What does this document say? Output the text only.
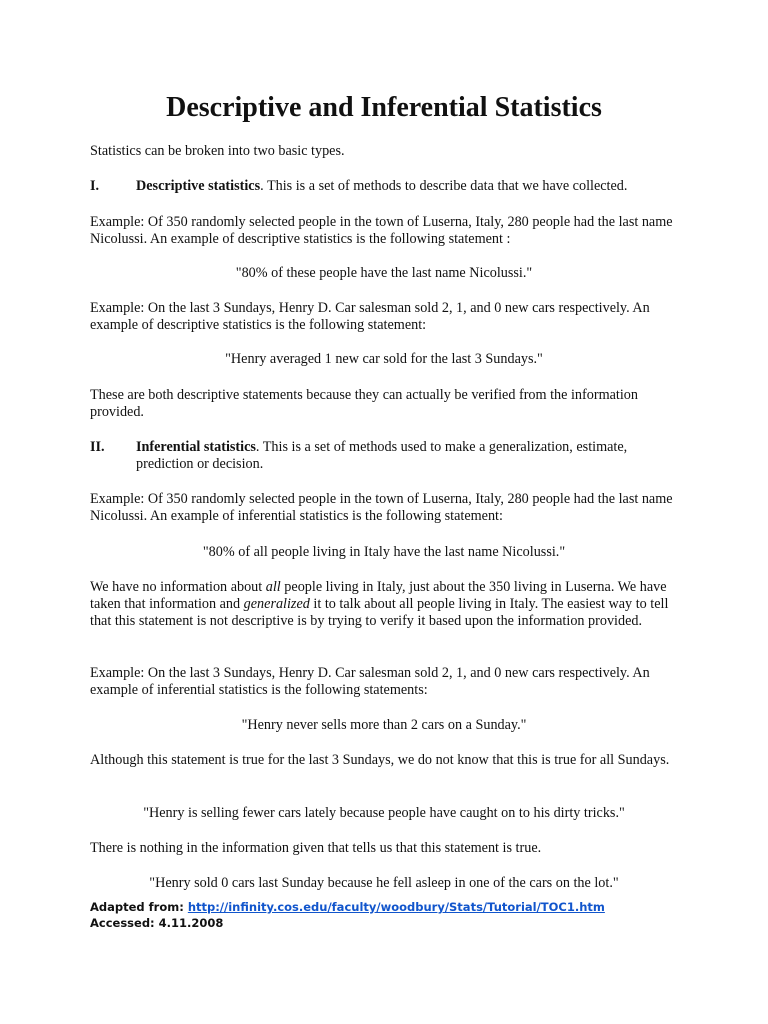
Descriptive and Inferential Statistics

Statistics can be broken into two basic types.

I.	Descriptive statistics. This is a set of methods to describe data that we have collected.

Example: Of 350 randomly selected people in the town of Luserna, Italy, 280 people had the last name Nicolussi. An example of descriptive statistics is the following statement :

"80% of these people have the last name Nicolussi."

Example: On the last 3 Sundays, Henry D. Car salesman sold 2, 1, and 0 new cars respectively. An example of descriptive statistics is the following statement:

"Henry averaged 1 new car sold for the last 3 Sundays."

These are both descriptive statements because they can actually be verified from the information provided.

II. Inferential statistics. This is a set of methods used to make a generalization, estimate, prediction or decision.

Example: Of 350 randomly selected people in the town of Luserna, Italy, 280 people had the last name Nicolussi. An example of inferential statistics is the following statement:

"80% of all people living in Italy have the last name Nicolussi."

We have no information about all people living in Italy, just about the 350 living in Luserna. We have taken that information and generalized it to talk about all people living in Italy. The easiest way to tell that this statement is not descriptive is by trying to verify it based upon the information provided.

Example: On the last 3 Sundays, Henry D. Car salesman sold 2, 1, and 0 new cars respectively. An example of inferential statistics is the following statements:

"Henry never sells more than 2 cars on a Sunday."

Although this statement is true for the last 3 Sundays, we do not know that this is true for all Sundays.

"Henry is selling fewer cars lately because people have caught on to his dirty tricks."

There is nothing in the information given that tells us that this statement is true.

"Henry sold 0 cars last Sunday because he fell asleep in one of the cars on the lot."

Adapted from: http://infinity.cos.edu/faculty/woodbury/Stats/Tutorial/TOC1.htm
Accessed: 4.11.2008
